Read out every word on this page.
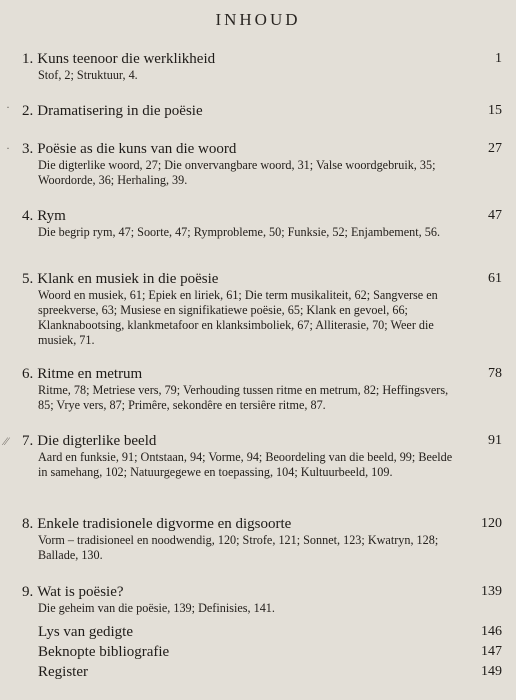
INHOUD
1. Kuns teenoor die werklikheid	1
Stof, 2; Struktuur, 4.
2. Dramatisering in die poësie	15
3. Poësie as die kuns van die woord	27
Die digterlike woord, 27; Die onvervangbare woord, 31; Valse woordgebruik, 35; Woordorde, 36; Herhaling, 39.
4. Rym	47
Die begrip rym, 47; Soorte, 47; Rymprobleme, 50; Funksie, 52; Enjambement, 56.
5. Klank en musiek in die poësie	61
Woord en musiek, 61; Epiek en liriek, 61; Die term musikaliteit, 62; Sangverse en spreekverse, 63; Musiese en signifikatiewe poësie, 65; Klank en gevoel, 66; Klanknabootsing, klankmetafoor en klanksimboliek, 67; Alliterasie, 70; Weer die musiek, 71.
6. Ritme en metrum	78
Ritme, 78; Metriese vers, 79; Verhouding tussen ritme en metrum, 82; Heffingsvers, 85; Vrye vers, 87; Primêre, sekondêre en tersiêre ritme, 87.
⁄⁄ 7. Die digterlike beeld	91
Aard en funksie, 91; Ontstaan, 94; Vorme, 94; Beoordeling van die beeld, 99; Beelde in samehang, 102; Natuurgegewe en toepassing, 104; Kultuurbeeld, 109.
8. Enkele tradisionele digvorme en digsoorte	120
Vorm – tradisioneel en noodwendig, 120; Strofe, 121; Sonnet, 123; Kwatryn, 128; Ballade, 130.
9. Wat is poësie?	139
Die geheim van die poësie, 139; Definisies, 141.
Lys van gedigte	146
Beknopte bibliografie	147
Register	149
·
·
